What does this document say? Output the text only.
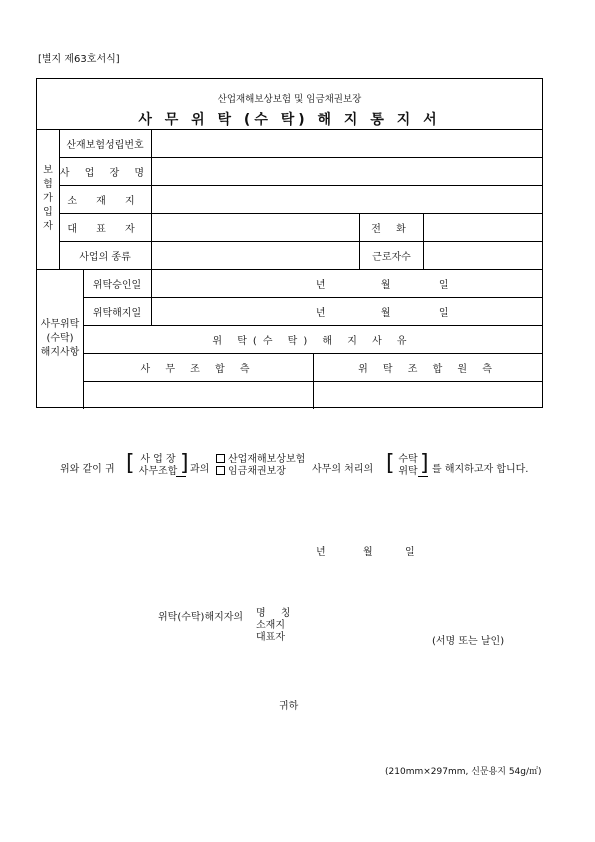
[별지 제63호서식]
산업재해보상보험 및 임금채권보장
사 무 위 탁 (수 탁) 해 지 통 지 서
보
험
가
입
자
산재보험성립번호
사 업 장 명
소 재 지
대 표 자	전 화
사업의 종류	근로자수
사무위탁
(수탁)
해지사항
위탁승인일	년	월	일
위탁해지일	년	월	일
위 탁(수 탁) 해 지 사 유
사 무 조 합 측	위 탁 조 합 원 측
위와 같이 귀 [ 사 업 장
사무조합 ] 과의
산업재해보상보험
임금채권보장	사무의 처리의 [ 수탁
위탁 ] 를 해지하고자 합니다.
년	월	일
위탁(수탁)해지자의 명 칭
소재지
대표자	(서명 또는 날인)
귀하
(210mm×297mm, 신문용지 54g/㎡)
